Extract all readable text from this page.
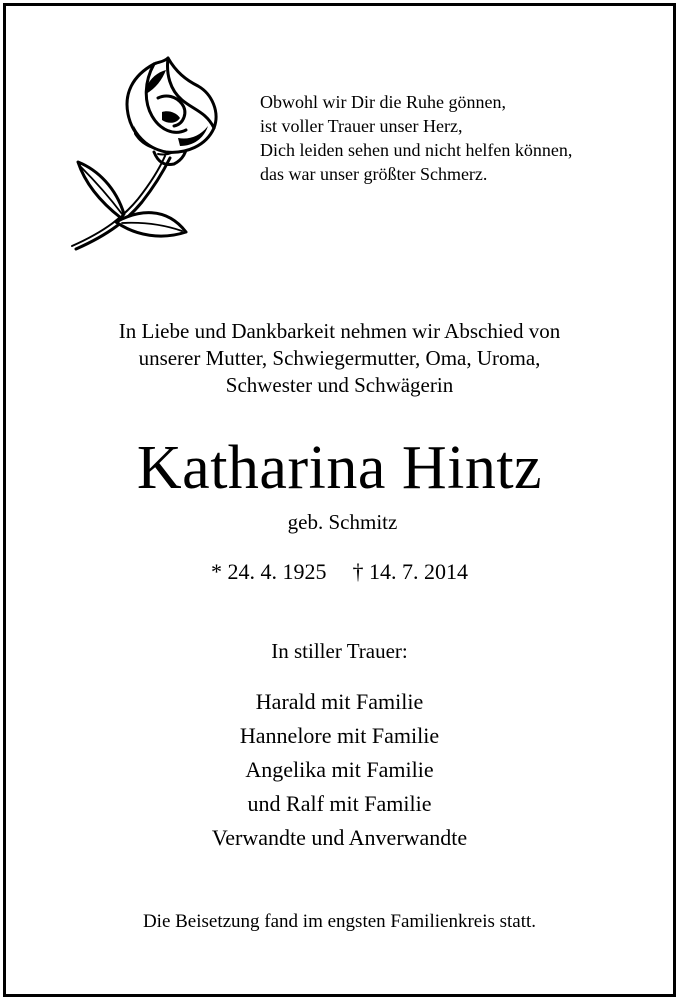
Obwohl wir Dir die Ruhe gönnen,
ist voller Trauer unser Herz,
Dich leiden sehen und nicht helfen können,
das war unser größter Schmerz.
In Liebe und Dankbarkeit nehmen wir Abschied von
unserer Mutter, Schwiegermutter, Oma, Uroma,
Schwester und Schwägerin
Katharina Hintz
geb. Schmitz
* 24. 4. 1925 † 14. 7. 2014
In stiller Trauer:
Harald mit Familie
Hannelore mit Familie
Angelika mit Familie
und Ralf mit Familie
Verwandte und Anverwandte
Die Beisetzung fand im engsten Familienkreis statt.
